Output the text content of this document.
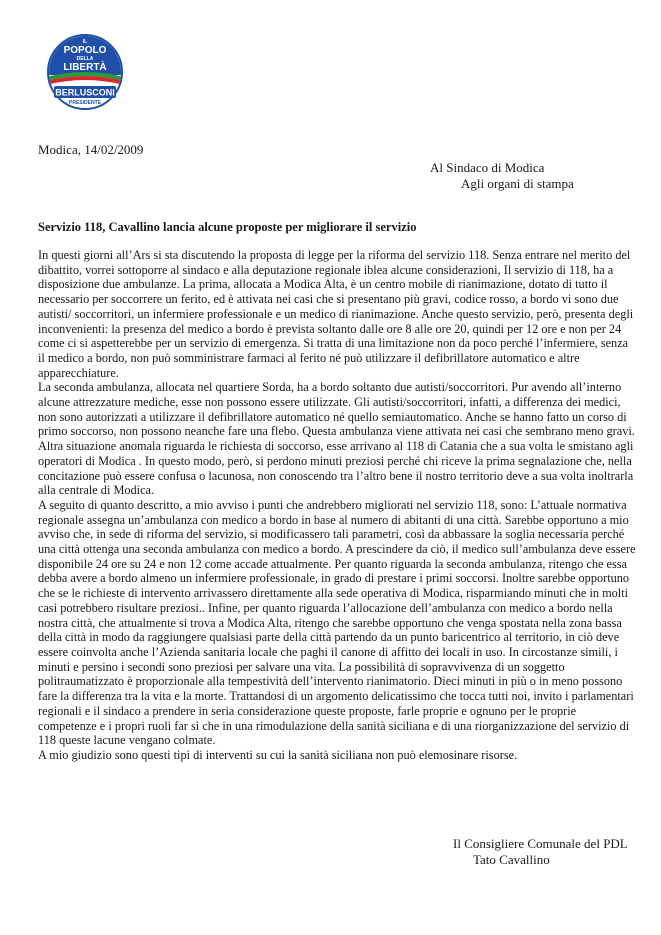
IL
POPOLO
DELLA
LIBERTÀ
BERLUSCONI
PRESIDENTE
Modica, 14/02/2009
Al Sindaco di Modica
Agli organi di stampa
Servizio 118, Cavallino lancia alcune proposte per migliorare il servizio

In questi giorni all’Ars si sta discutendo la proposta di legge per la riforma del servizio 118. Senza entrare nel merito del dibattito, vorrei sottoporre al sindaco e alla deputazione regionale iblea alcune considerazioni, Il servizio di 118, ha a disposizione due ambulanze. La prima, allocata a Modica Alta, è un centro mobile di rianimazione, dotato di tutto il necessario per soccorrere un ferito, ed è attivata nei casi che si presentano più gravi, codice rosso, a bordo vi sono due autisti/ soccorritori, un infermiere professionale e un medico di rianimazione. Anche questo servizio, però, presenta degli inconvenienti: la presenza del medico a bordo è prevista soltanto dalle ore 8 alle ore 20, quindi per 12 ore e non per 24 come ci si aspetterebbe per un servizio di emergenza. Si tratta di una limitazione non da poco perché l’infermiere, senza il medico a bordo, non può somministrare farmaci al ferito né può utilizzare il defibrillatore automatico e altre apparecchiature.

La seconda ambulanza, allocata nel quartiere Sorda, ha a bordo soltanto due autisti/soccorritori. Pur avendo all’interno alcune attrezzature mediche, esse non possono essere utilizzate. Gli autisti/soccorritori, infatti, a differenza dei medici, non sono autorizzati a utilizzare il defibrillatore automatico né quello semiautomatico. Anche se hanno fatto un corso di primo soccorso, non possono neanche fare una flebo. Questa ambulanza viene attivata nei casi che sembrano meno gravi.

Altra situazione anomala riguarda le richiesta di soccorso, esse arrivano al 118 di Catania che a sua volta le smistano agli operatori di Modica . In questo modo, però, si perdono minuti preziosi perché chi riceve la prima segnalazione che, nella concitazione può essere confusa o lacunosa, non conoscendo tra l’altro bene il nostro territorio deve a sua volta inoltrarla alla centrale di Modica.

A seguito di quanto descritto, a mio avviso i punti che andrebbero migliorati nel servizio 118, sono: L’attuale normativa regionale assegna un’ambulanza con medico a bordo in base al numero di abitanti di una città. Sarebbe opportuno a mio avviso che, in sede di riforma del servizio, si modificassero tali parametri, così da abbassare la soglia necessaria perché una città ottenga una seconda ambulanza con medico a bordo. A prescindere da ciò, il medico sull’ambulanza deve essere disponibile 24 ore su 24 e non 12 come accade attualmente. Per quanto riguarda la seconda ambulanza, ritengo che essa debba avere a bordo almeno un infermiere professionale, in grado di prestare i primi soccorsi. Inoltre sarebbe opportuno che se le richieste di intervento arrivassero direttamente alla sede operativa di Modica, risparmiando minuti che in molti casi potrebbero risultare preziosi.. Infine, per quanto riguarda l’allocazione dell’ambulanza con medico a bordo nella nostra città, che attualmente si trova a Modica Alta, ritengo che sarebbe opportuno che venga spostata nella zona bassa della città in modo da raggiungere qualsiasi parte della città partendo da un punto baricentrico al territorio, in ciò deve essere coinvolta anche l’Azienda sanitaria locale che paghi il canone di affitto dei locali in uso. In circostanze simili, i minuti e persino i secondi sono preziosi per salvare una vita. La possibilità di sopravvivenza di un soggetto politraumatizzato è proporzionale alla tempestività dell’intervento rianimatorio. Dieci minuti in più o in meno possono fare la differenza tra la vita e la morte. Trattandosi di un argomento delicatissimo che tocca tutti noi, invito i parlamentari regionali e il sindaco a prendere in seria considerazione queste proposte, farle proprie e ognuno per le proprie competenze e i propri ruoli far si che in una rimodulazione della sanità siciliana e di una riorganizzazione del servizio di 118 queste lacune vengano colmate.

A mio giudizio sono questi tipi di interventi su cui la sanità siciliana non può elemosinare risorse.

Il Consigliere Comunale del PDL
Tato Cavallino
